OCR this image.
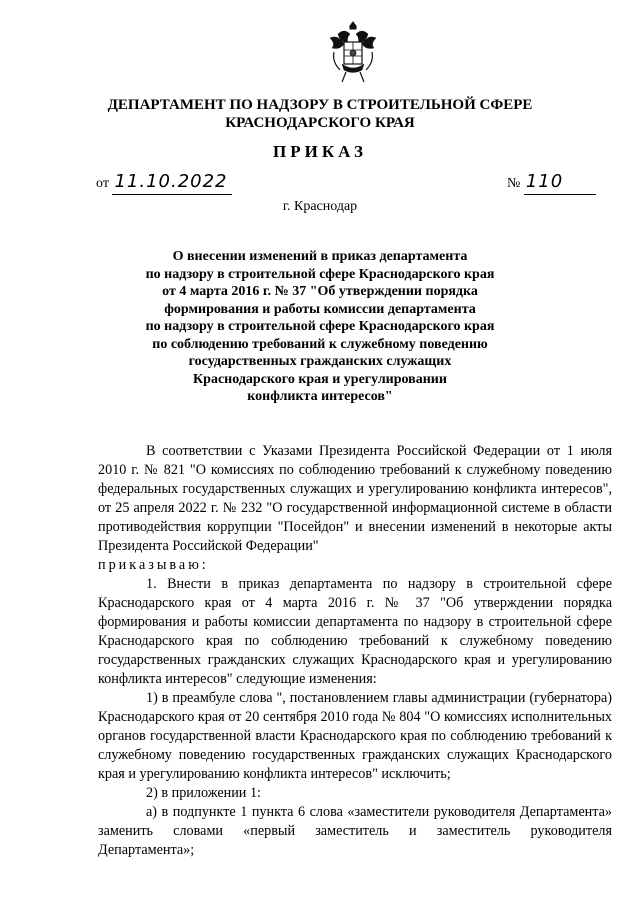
ДЕПАРТАМЕНТ ПО НАДЗОРУ В СТРОИТЕЛЬНОЙ СФЕРЕ
КРАСНОДАРСКОГО КРАЯ
ПРИКАЗ
от 11.10.2022	№ 110
г. Краснодар
О внесении изменений в приказ департамента
по надзору в строительной сфере Краснодарского края
от 4 марта 2016 г. № 37 "Об утверждении порядка
формирования и работы комиссии департамента
по надзору в строительной сфере Краснодарского края
по соблюдению требований к служебному поведению
государственных гражданских служащих
Краснодарского края и урегулировании
конфликта интересов"

В соответствии с Указами Президента Российской Федерации от 1 июля 2010 г. № 821 "О комиссиях по соблюдению требований к служебному поведению федеральных государственных служащих и урегулированию конфликта интересов", от 25 апреля 2022 г. № 232 "О государственной информационной системе в области противодействия коррупции "Посейдон" и внесении изменений в некоторые акты Президента Российской Федерации"

приказываю:

1. Внести в приказ департамента по надзору в строительной сфере Краснодарского края от 4 марта 2016 г. № 37 "Об утверждении порядка формирования и работы комиссии департамента по надзору в строительной сфере Краснодарского края по соблюдению требований к служебному поведению государственных гражданских служащих Краснодарского края и урегулированию конфликта интересов" следующие изменения:

1) в преамбуле слова ", постановлением главы администрации (губернатора) Краснодарского края от 20 сентября 2010 года № 804 "О комиссиях исполнительных органов государственной власти Краснодарского края по соблюдению требований к служебному поведению государственных гражданских служащих Краснодарского края и урегулированию конфликта интересов" исключить;

2) в приложении 1:

а) в подпункте 1 пункта 6 слова «заместители руководителя Департамента» заменить словами «первый заместитель и заместитель руководителя Департамента»;
